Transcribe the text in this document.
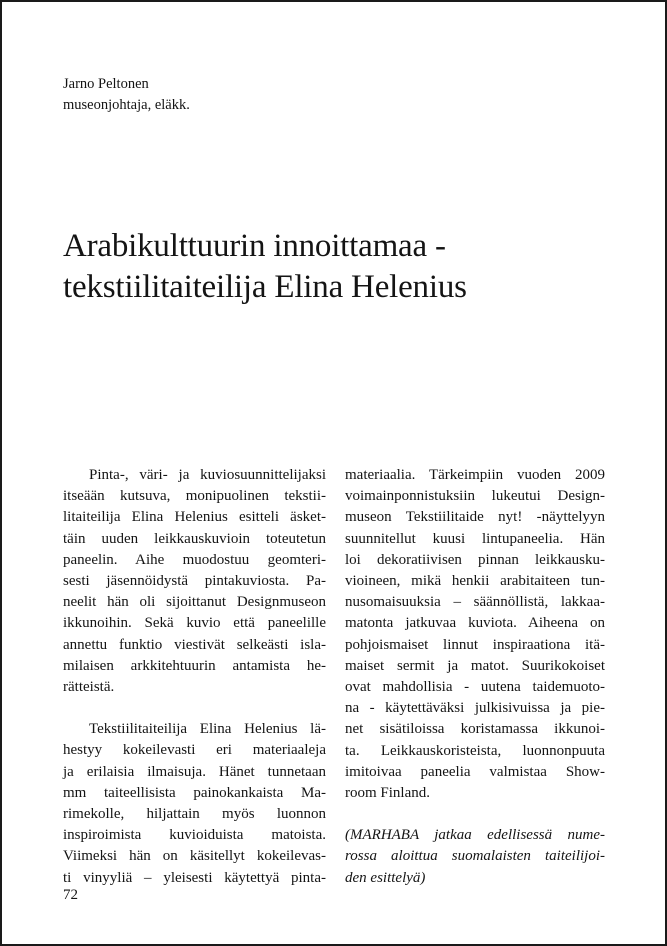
Jarno Peltonen
museonjohtaja, eläkk.
Arabikulttuurin innoittamaa -
tekstiilitaiteilija Elina Helenius
Pinta-, väri- ja kuviosuunnittelijaksi
itseään kutsuva, monipuolinen tekstii-
litaiteilija Elina Helenius esitteli äsket-
täin uuden leikkauskuvioin toteutetun
paneelin. Aihe muodostuu geomteri-
sesti jäsennöidystä pintakuviosta. Pa-
neelit hän oli sijoittanut Designmuseon
ikkunoihin. Sekä kuvio että paneelille
annettu funktio viestivät selkeästi isla-
milaisen arkkitehtuurin antamista he-
rätteistä.
Tekstiilitaiteilija Elina Helenius lä-
hestyy kokeilevasti eri materiaaleja
ja erilaisia ilmaisuja. Hänet tunnetaan
mm taiteellisista painokankaista Ma-
rimekolle, hiljattain myös luonnon
inspiroimista kuvioiduista matoista.
Viimeksi hän on käsitellyt kokeilevas-
ti vinyyliä – yleisesti käytettyä pinta-
materiaalia. Tärkeimpiin vuoden 2009
voimainponnistuksiin lukeutui Design-
museon Tekstiilitaide nyt! -näyttelyyn
suunnitellut kuusi lintupaneelia. Hän
loi dekoratiivisen pinnan leikkausku-
vioineen, mikä henkii arabitaiteen tun-
nusomaisuuksia – säännöllistä, lakkaa-
matonta jatkuvaa kuviota. Aiheena on
pohjoismaiset linnut inspiraationa itä-
maiset sermit ja matot. Suurikokoiset
ovat mahdollisia - uutena taidemuoto-
na - käytettäväksi julkisivuissa ja pie-
net sisätiloissa koristamassa ikkunoi-
ta. Leikkauskoristeista, luonnonpuuta
imitoivaa paneelia valmistaa Show-
room Finland.
(MARHABA jatkaa edellisessä nume-
rossa aloittua suomalaisten taiteilijoi-
den esittelyä)
72
